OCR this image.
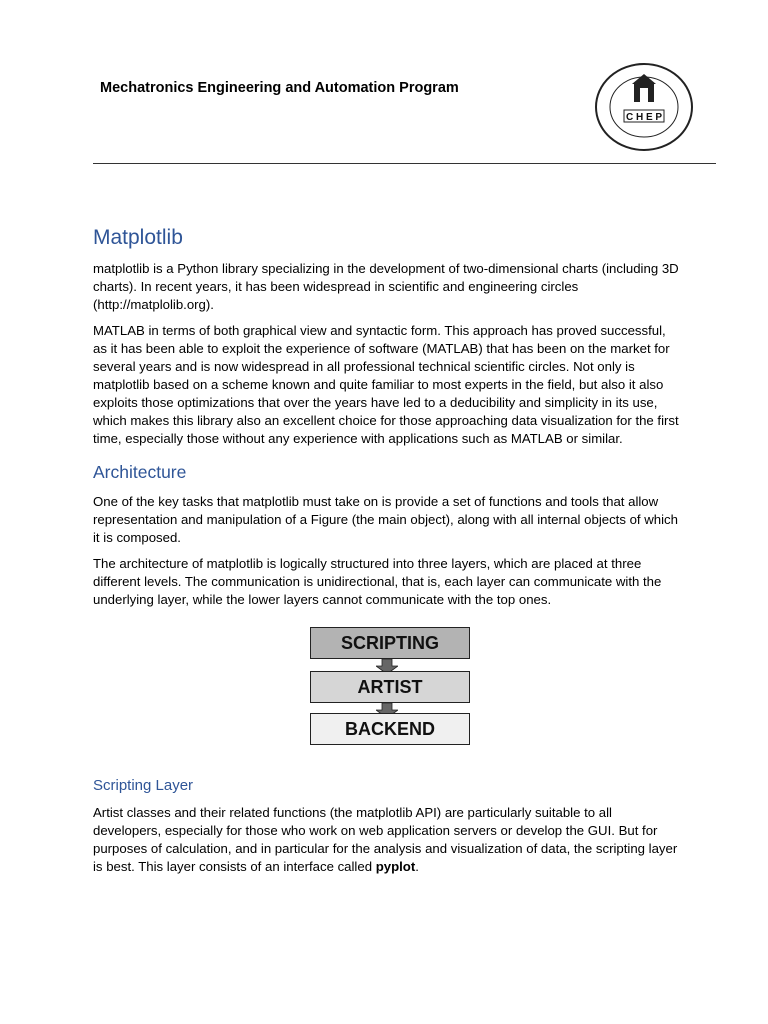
Mechatronics Engineering and Automation Program
C H E P
Matplotlib

matplotlib is a Python library specializing in the development of two-dimensional charts (including 3D charts). In recent years, it has been widespread in scientific and engineering circles (http://matplolib.org).

MATLAB in terms of both graphical view and syntactic form. This approach has proved successful, as it has been able to exploit the experience of software (MATLAB) that has been on the market for several years and is now widespread in all professional technical scientific circles. Not only is matplotlib based on a scheme known and quite familiar to most experts in the field, but also it also exploits those optimizations that over the years have led to a deducibility and simplicity in its use, which makes this library also an excellent choice for those approaching data visualization for the first time, especially those without any experience with applications such as MATLAB or similar.

Architecture

One of the key tasks that matplotlib must take on is provide a set of functions and tools that allow representation and manipulation of a Figure (the main object), along with all internal objects of which it is composed.

The architecture of matplotlib is logically structured into three layers, which are placed at three different levels. The communication is unidirectional, that is, each layer can communicate with the underlying layer, while the lower layers cannot communicate with the top ones.

SCRIPTING
ARTIST
BACKEND
Scripting Layer

Artist classes and their related functions (the matplotlib API) are particularly suitable to all developers, especially for those who work on web application servers or develop the GUI. But for purposes of calculation, and in particular for the analysis and visualization of data, the scripting layer is best. This layer consists of an interface called pyplot.
